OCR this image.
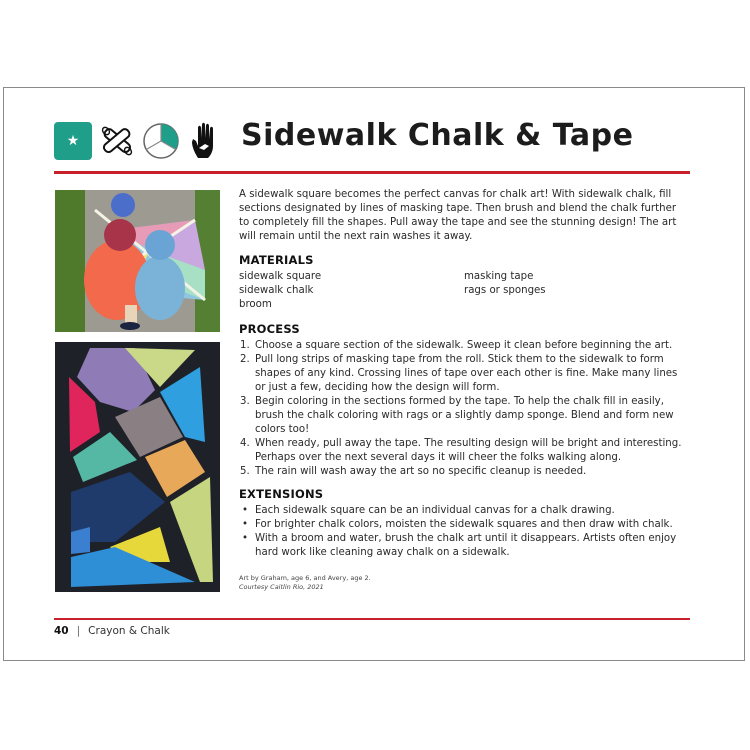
★	Sidewalk Chalk & Tape

A sidewalk square becomes the perfect canvas for chalk art! With sidewalk chalk, fill sections designated by lines of masking tape. Then brush and blend the chalk further to completely fill the shapes. Pull away the tape and see the stunning design! The art will remain until the next rain washes it away.

MATERIALS
sidewalk square	masking tape
sidewalk chalk	rags or sponges
broom
PROCESS
1. Choose a square section of the sidewalk. Sweep it clean before beginning the art.
2. Pull long strips of masking tape from the roll. Stick them to the sidewalk to form shapes of any kind. Crossing lines of tape over each other is fine. Make many lines or just a few, deciding how the design will form.
3. Begin coloring in the sections formed by the tape. To help the chalk fill in easily, brush the chalk coloring with rags or a slightly damp sponge. Blend and form new colors too!
4. When ready, pull away the tape. The resulting design will be bright and interesting. Perhaps over the next several days it will cheer the folks walking along.
5. The rain will wash away the art so no specific cleanup is needed.
EXTENSIONS
• Each sidewalk square can be an individual canvas for a chalk drawing.
• For brighter chalk colors, moisten the sidewalk squares and then draw with chalk.
• With a broom and water, brush the chalk art until it disappears. Artists often enjoy hard work like cleaning away chalk on a sidewalk.
Art by Graham, age 6, and Avery, age 2.
Courtesy Caitlin Rio, 2021
40 | Crayon & Chalk
